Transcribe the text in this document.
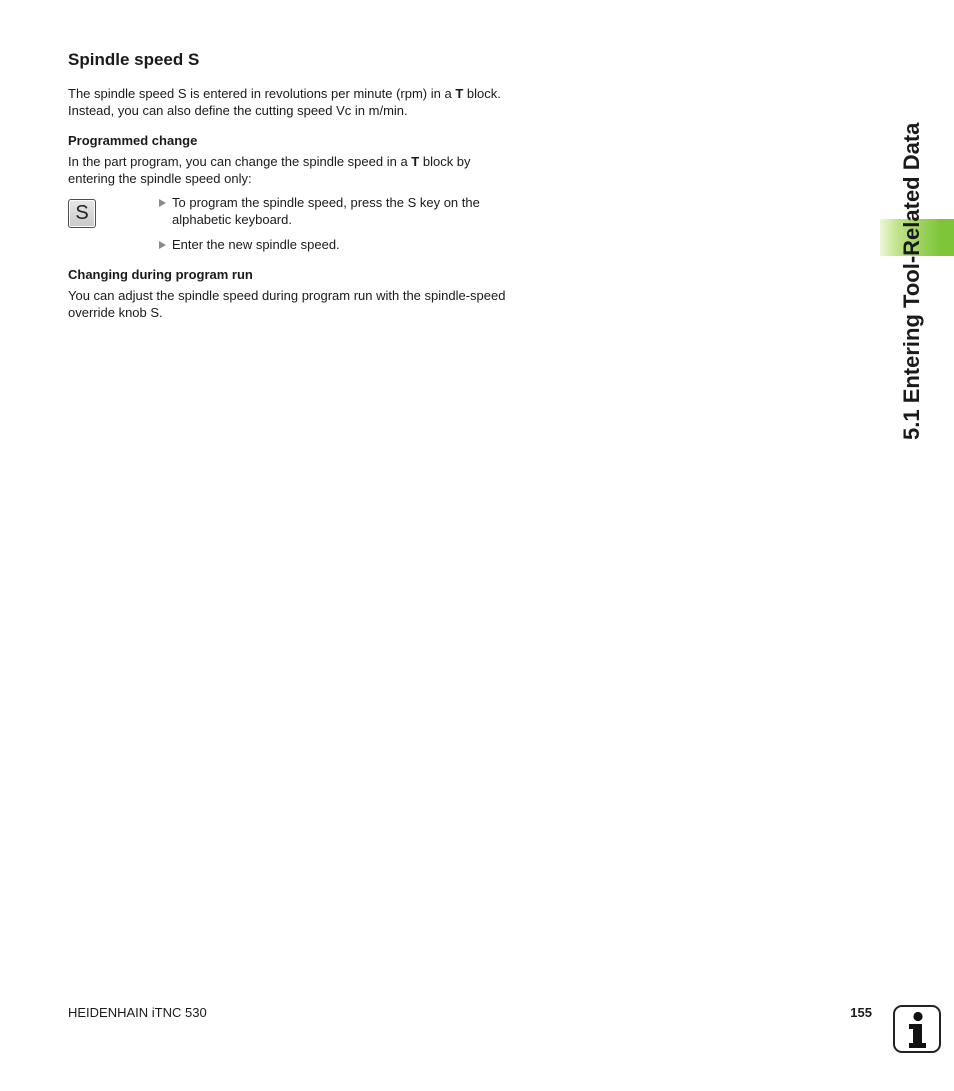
Spindle speed S

The spindle speed S is entered in revolutions per minute (rpm) in a T block. Instead, you can also define the cutting speed Vc in m/min.

Programmed change

In the part program, you can change the spindle speed in a T block by entering the spindle speed only:

S	To program the spindle speed, press the S key on the alphabetic keyboard.

Enter the new spindle speed.

Changing during program run

You can adjust the spindle speed during program run with the spindle-speed override knob S.	5.1 Entering Tool-Related Data
HEIDENHAIN iTNC 530	155
